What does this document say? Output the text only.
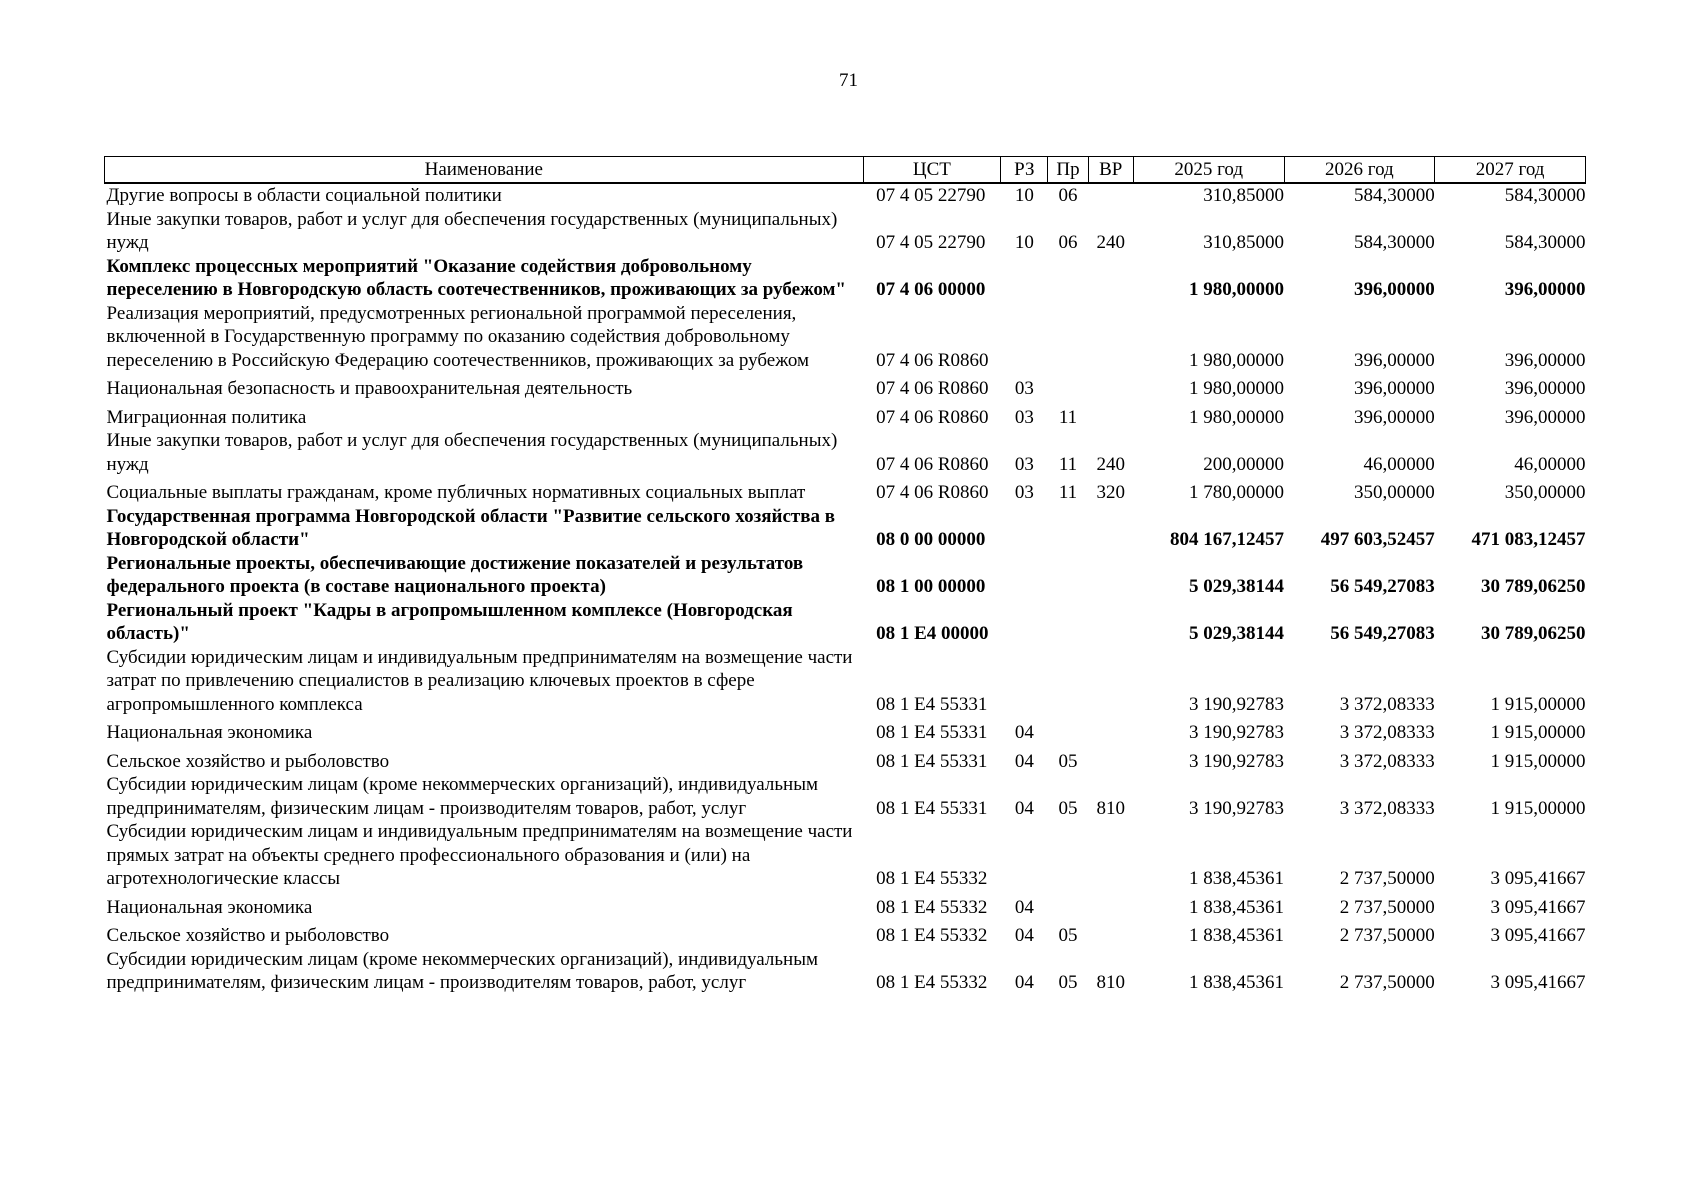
71
Наименование	ЦСТ	РЗ	Пр	ВР	2025 год	2026 год	2027 год
Другие вопросы в области социальной политики	07 4 05 22790	10	06		310,85000	584,30000	584,30000
Иные закупки товаров, работ и услуг для обеспечения государственных (муниципальных) нужд	07 4 05 22790	10	06	240	310,85000	584,30000	584,30000
Комплекс процессных мероприятий "Оказание содействия добровольному переселению в Новгородскую область соотечественников, проживающих за рубежом"	07 4 06 00000				1 980,00000	396,00000	396,00000
Реализация мероприятий, предусмотренных региональной программой переселения, включенной в Государственную программу по оказанию содействия добровольному переселению в Российскую Федерацию соотечественников, проживающих за рубежом	07 4 06 R0860				1 980,00000	396,00000	396,00000
Национальная безопасность и правоохранительная деятельность	07 4 06 R0860	03			1 980,00000	396,00000	396,00000
Миграционная политика	07 4 06 R0860	03	11		1 980,00000	396,00000	396,00000
Иные закупки товаров, работ и услуг для обеспечения государственных (муниципальных) нужд	07 4 06 R0860	03	11	240	200,00000	46,00000	46,00000
Социальные выплаты гражданам, кроме публичных нормативных социальных выплат	07 4 06 R0860	03	11	320	1 780,00000	350,00000	350,00000
Государственная программа Новгородской области "Развитие сельского хозяйства в Новгородской области"	08 0 00 00000				804 167,12457	497 603,52457	471 083,12457
Региональные проекты, обеспечивающие достижение показателей и результатов федерального проекта (в составе национального проекта)	08 1 00 00000				5 029,38144	56 549,27083	30 789,06250
Региональный проект "Кадры в агропромышленном комплексе (Новгородская область)"	08 1 Е4 00000				5 029,38144	56 549,27083	30 789,06250
Субсидии юридическим лицам и индивидуальным предпринимателям на возмещение части затрат по привлечению специалистов в реализацию ключевых проектов в сфере агропромышленного комплекса	08 1 Е4 55331				3 190,92783	3 372,08333	1 915,00000
Национальная экономика	08 1 Е4 55331	04			3 190,92783	3 372,08333	1 915,00000
Сельское хозяйство и рыболовство	08 1 Е4 55331	04	05		3 190,92783	3 372,08333	1 915,00000
Субсидии юридическим лицам (кроме некоммерческих организаций), индивидуальным предпринимателям, физическим лицам - производителям товаров, работ, услуг	08 1 Е4 55331	04	05	810	3 190,92783	3 372,08333	1 915,00000
Субсидии юридическим лицам и индивидуальным предпринимателям на возмещение части прямых затрат на объекты среднего профессионального образования и (или) на агротехнологические классы	08 1 Е4 55332				1 838,45361	2 737,50000	3 095,41667
Национальная экономика	08 1 Е4 55332	04			1 838,45361	2 737,50000	3 095,41667
Сельское хозяйство и рыболовство	08 1 Е4 55332	04	05		1 838,45361	2 737,50000	3 095,41667
Субсидии юридическим лицам (кроме некоммерческих организаций), индивидуальным предпринимателям, физическим лицам - производителям товаров, работ, услуг	08 1 Е4 55332	04	05	810	1 838,45361	2 737,50000	3 095,41667
